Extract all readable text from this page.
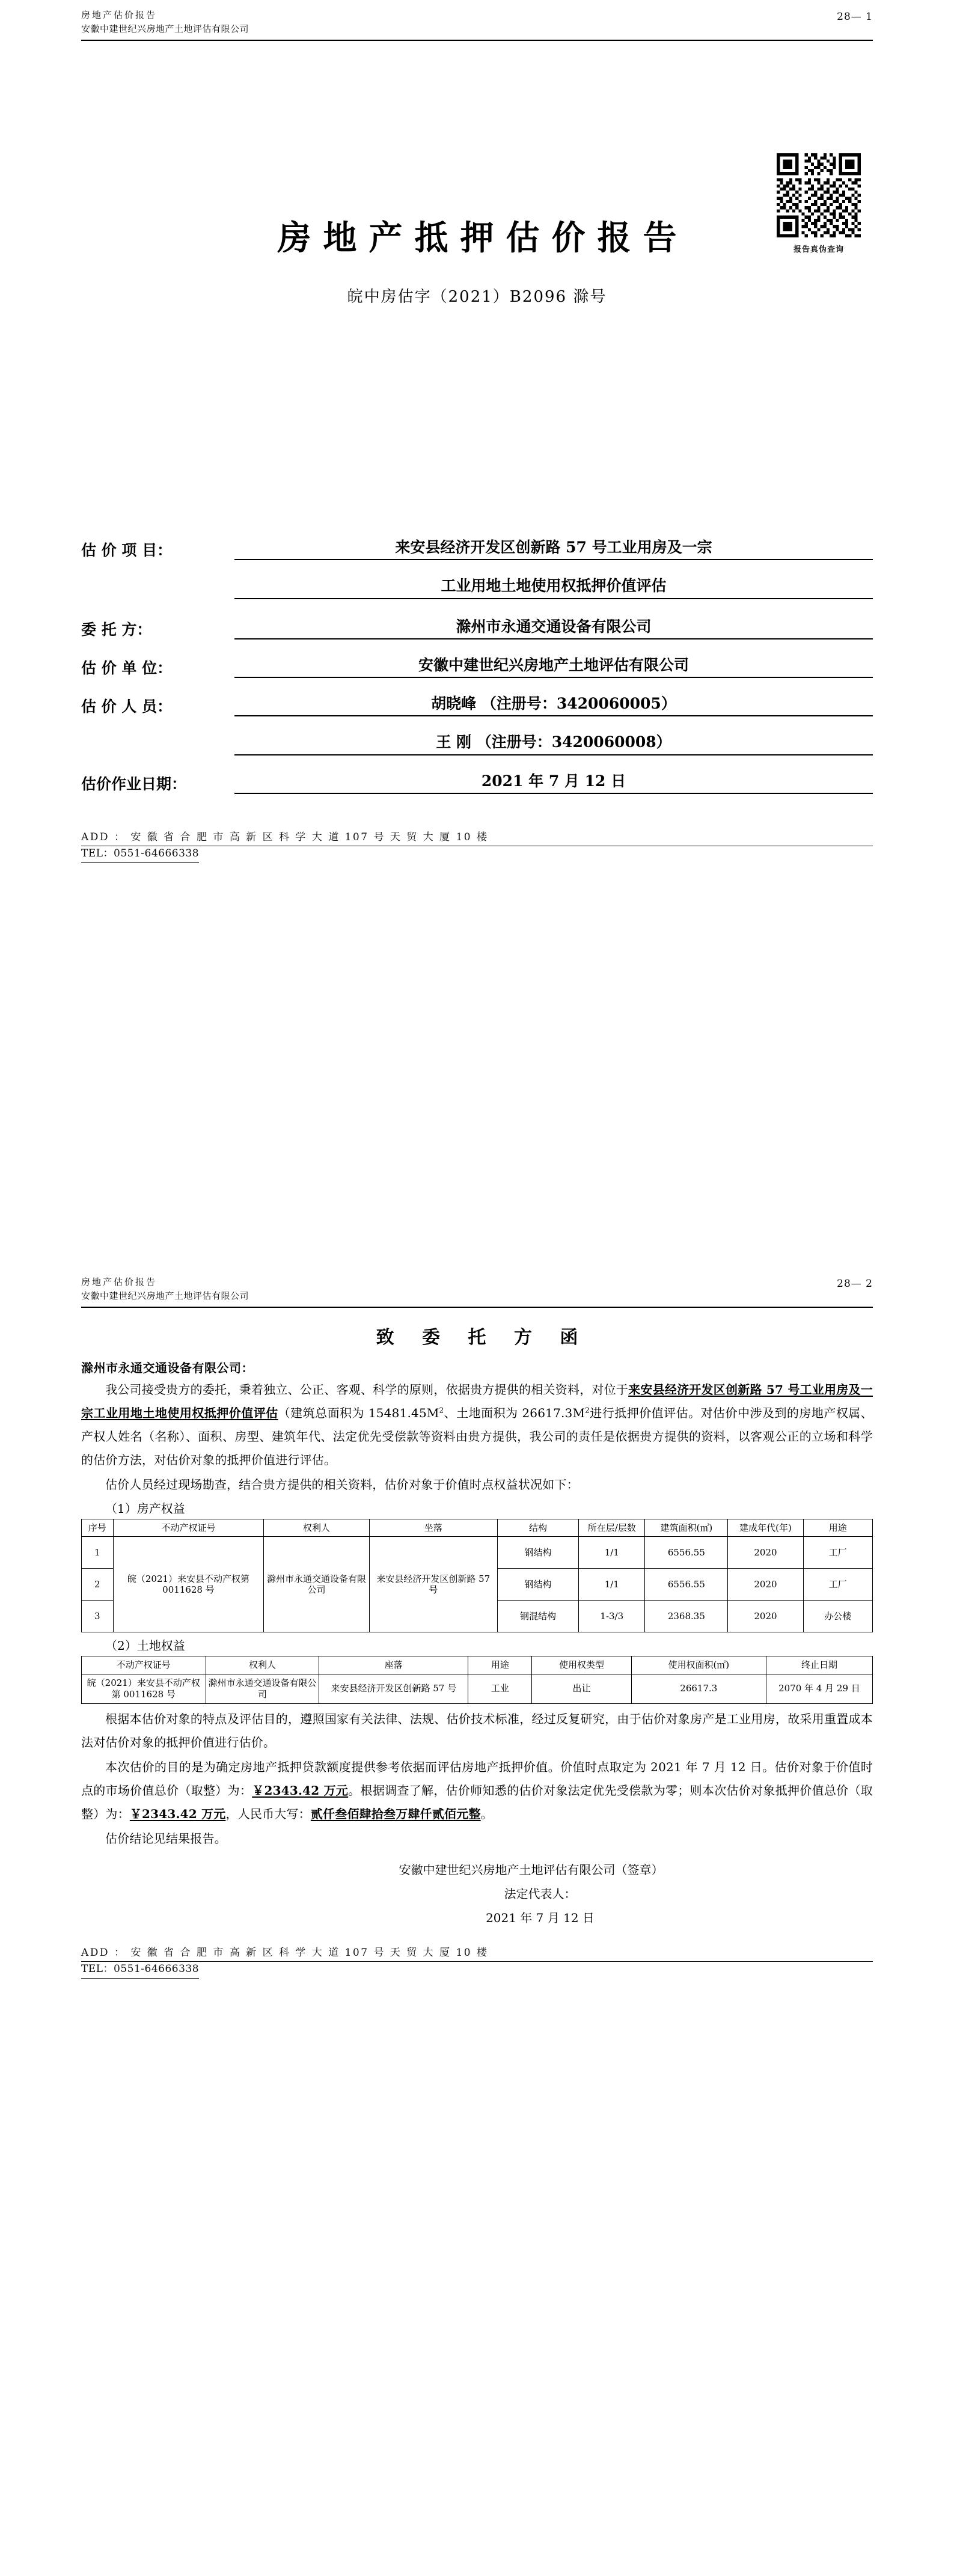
房地产估价报告
安徽中建世纪兴房地产土地评估有限公司
28— 1
报告真伪查询
房地产抵押估价报告
皖中房估字（2021）B2096 滁号
估 价 项 目：	来安县经济开发区创新路 57 号工业用房及一宗
工业用地土地使用权抵押价值评估
委 托 方：	滁州市永通交通设备有限公司
估 价 单 位：	安徽中建世纪兴房地产土地评估有限公司
估 价 人 员：	胡晓峰 （注册号：3420060005）
王 刚 （注册号：3420060008）
估价作业日期：	2021 年 7 月 12 日
ADD ： 安 徽 省 合 肥 市 高 新 区 科 学 大 道 107 号 天 贸 大 厦 10 楼
TEL：0551-64666338
房地产估价报告
安徽中建世纪兴房地产土地评估有限公司
28— 2
致 委 托 方 函
滁州市永通交通设备有限公司：

我公司接受贵方的委托，秉着独立、公正、客观、科学的原则，依据贵方提供的相关资料，对位于来安县经济开发区创新路 57 号工业用房及一宗工业用地土地使用权抵押价值评估（建筑总面积为 $15481.45M^2$、土地面积为 $26617.3M^2$进行抵押价值评估。对估价中涉及到的房地产权属、产权人姓名（名称）、面积、房型、建筑年代、法定优先受偿款等资料由贵方提供，我公司的责任是依据贵方提供的资料，以客观公正的立场和科学的估价方法，对估价对象的抵押价值进行评估。

估价人员经过现场勘查，结合贵方提供的相关资料，估价对象于价值时点权益状况如下：

（1）房产权益
序号	不动产权证号	权利人	坐落	结构	所在层/层数	建筑面积(㎡)	建成年代(年)	用途
1	皖（2021）来安县不动产权第 0011628 号	滁州市永通交通设备有限公司	来安县经济开发区创新路 57 号	钢结构	1/1	6556.55	2020	工厂
2				钢结构	1/1	6556.55	2020	工厂
3				钢混结构	1-3/3	2368.35	2020	办公楼
（2）土地权益
不动产权证号	权利人	座落	用途	使用权类型	使用权面积(㎡)	终止日期
皖（2021）来安县不动产权第 0011628 号	滁州市永通交通设备有限公司	来安县经济开发区创新路 57 号	工业	出让	26617.3	2070 年 4 月 29 日

根据本估价对象的特点及评估目的，遵照国家有关法律、法规、估价技术标准，经过反复研究，由于估价对象房产是工业用房，故采用重置成本法对估价对象的抵押价值进行估价。

本次估价的目的是为确定房地产抵押贷款额度提供参考依据而评估房地产抵押价值。价值时点取定为 2021 年 7 月 12 日。估价对象于价值时点的市场价值总价（取整）为：￥2343.42 万元。根据调查了解，估价师知悉的估价对象法定优先受偿款为零；则本次估价对象抵押价值总价（取整）为：￥2343.42 万元，人民币大写：贰仟叁佰肆拾叁万肆仟贰佰元整。

估价结论见结果报告。

安徽中建世纪兴房地产土地评估有限公司（签章）
法定代表人：
2021 年 7 月 12 日
ADD ： 安 徽 省 合 肥 市 高 新 区 科 学 大 道 107 号 天 贸 大 厦 10 楼
TEL：0551-64666338
